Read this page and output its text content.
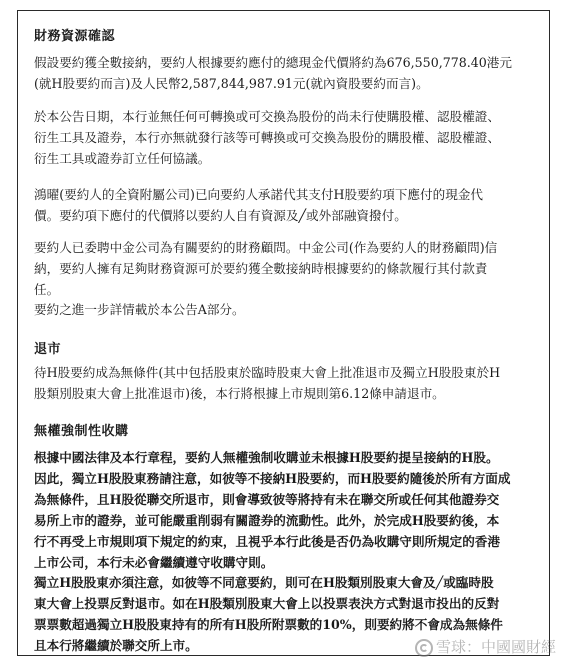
財務資源確認
假設要約獲全數接納，要約人根據要約應付的總現金代價將約為676,550,778.40港元
(就H股要約而言)及人民幣2,587,844,987.91元(就內資股要約而言)。
於本公告日期，本行並無任何可轉換或可交換為股份的尚未行使購股權、認股權證、
衍生工具及證券，本行亦無就發行該等可轉換或可交換為股份的購股權、認股權證、
衍生工具或證券訂立任何協議。
鴻曜(要約人的全資附屬公司)已向要約人承諾代其支付H股要約項下應付的現金代
價。要約項下應付的代價將以要約人自有資源及╱或外部融資撥付。
要約人已委聘中金公司為有關要約的財務顧問。中金公司(作為要約人的財務顧問)信
納，要約人擁有足夠財務資源可於要約獲全數接納時根據要約的條款履行其付款責
任。
要約之進一步詳情載於本公告A部分。
退市
待H股要約成為無條件(其中包括股東於臨時股東大會上批准退市及獨立H股股東於H
股類別股東大會上批准退市)後，本行將根據上市規則第6.12條申請退市。
無權強制性收購
根據中國法律及本行章程，要約人無權強制收購並未根據H股要約提呈接納的H股。
因此，獨立H股股東務請注意，如彼等不接納H股要約，而H股要約隨後於所有方面成
為無條件，且H股從聯交所退市，則會導致彼等將持有未在聯交所或任何其他證券交
易所上市的證券，並可能嚴重削弱有關證券的流動性。此外，於完成H股要約後，本
行不再受上市規則項下規定的約束，且視乎本行此後是否仍為收購守則所規定的香港
上市公司，本行未必會繼續遵守收購守則。
獨立H股股東亦須注意，如彼等不同意要約，則可在H股類別股東大會及╱或臨時股
東大會上投票反對退市。如在H股類別股東大會上以投票表決方式對退市投出的反對
票票數超過獨立H股股東持有的所有H股所附票數的10%，則要約將不會成為無條件
且本行將繼續於聯交所上市。	雪球：中國國財經
